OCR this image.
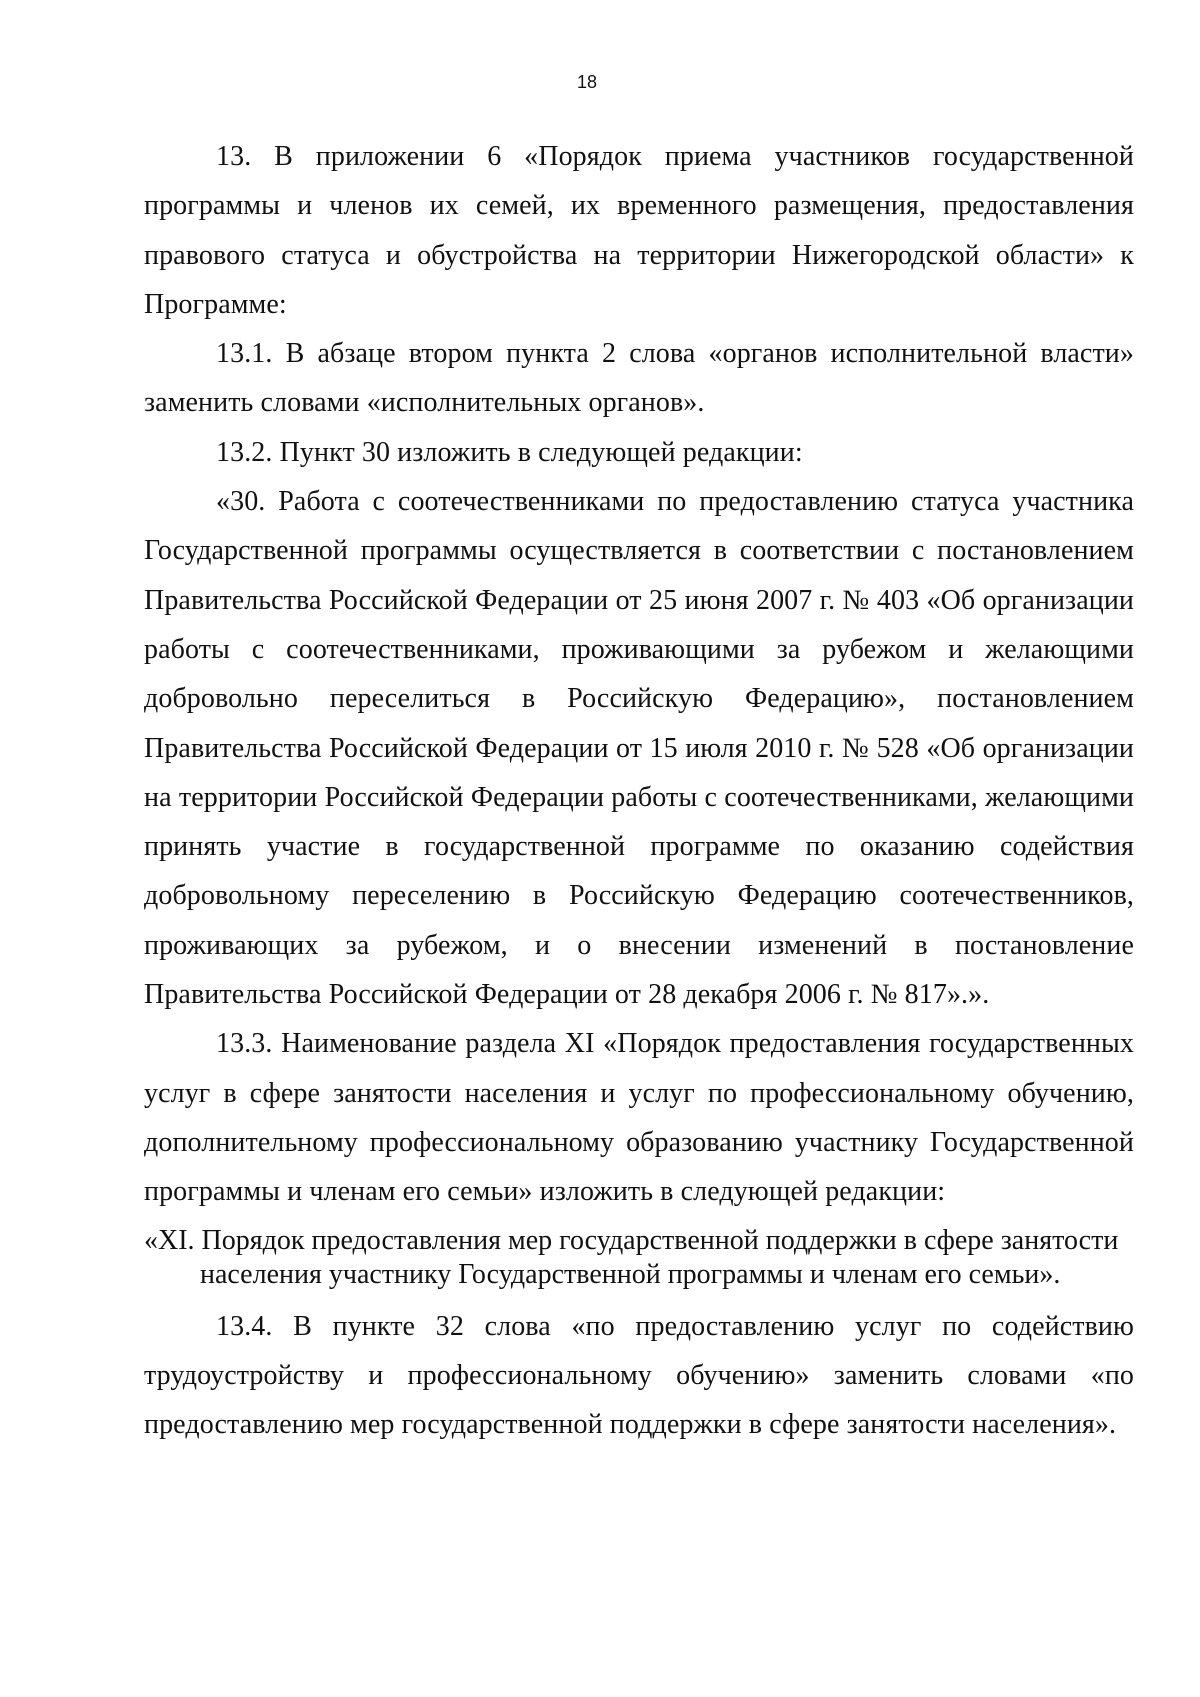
18

13. В приложении 6 «Порядок приема участников государственной программы и членов их семей, их временного размещения, предоставления правового статуса и обустройства на территории Нижегородской области» к Программе:

13.1. В абзаце втором пункта 2 слова «органов исполнительной власти» заменить словами «исполнительных органов».

13.2. Пункт 30 изложить в следующей редакции:

«30. Работа с соотечественниками по предоставлению статуса участника Государственной программы осуществляется в соответствии с постановлением Правительства Российской Федерации от 25 июня 2007 г. № 403 «Об организации работы с соотечественниками, проживающими за рубежом и желающими добровольно переселиться в Российскую Федерацию», постановлением Правительства Российской Федерации от 15 июля 2010 г. № 528 «Об организации на территории Российской Федерации работы с соотечественниками, желающими принять участие в государственной программе по оказанию содействия добровольному переселению в Российскую Федерацию соотечественников, проживающих за рубежом, и о внесении изменений в постановление Правительства Российской Федерации от 28 декабря 2006 г. № 817».».

13.3. Наименование раздела XI «Порядок предоставления государственных услуг в сфере занятости населения и услуг по профессиональному обучению, дополнительному профессиональному образованию участнику Государственной программы и членам его семьи» изложить в следующей редакции:

«XI. Порядок предоставления мер государственной поддержки в сфере занятости населения участнику Государственной программы и членам его семьи».

13.4. В пункте 32 слова «по предоставлению услуг по содействию трудоустройству и профессиональному обучению» заменить словами «по предоставлению мер государственной поддержки в сфере занятости населения».
